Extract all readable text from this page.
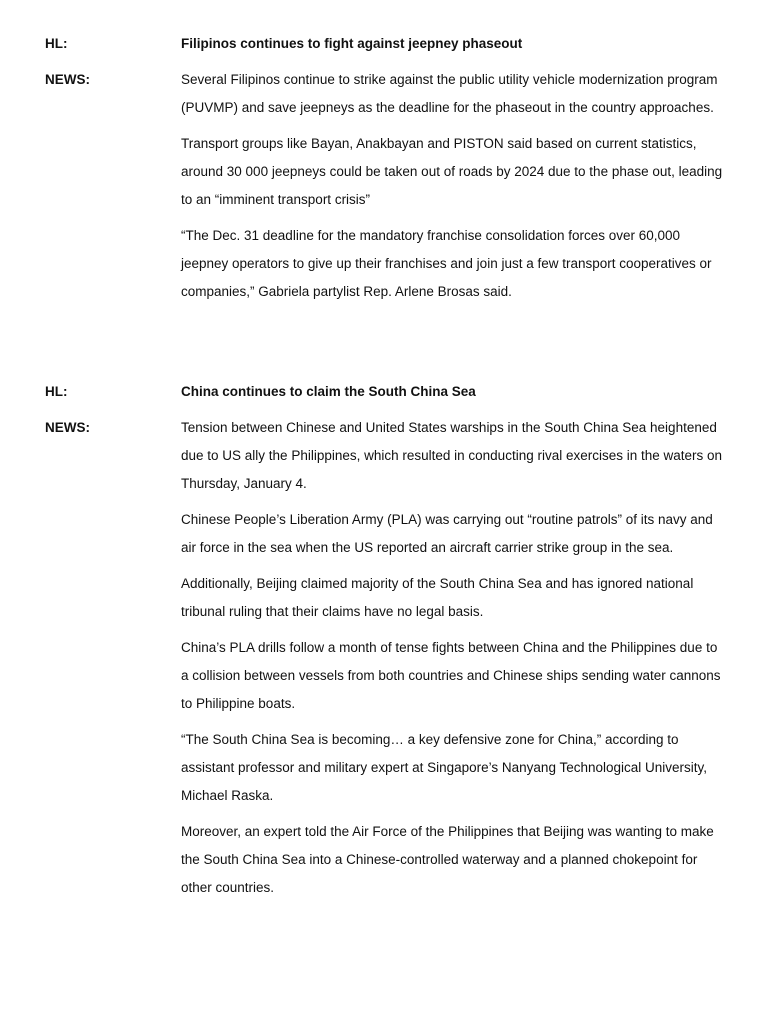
HL:	Filipinos continues to fight against jeepney phaseout
NEWS:	Several Filipinos continue to strike against the public utility vehicle modernization program (PUVMP) and save jeepneys as the deadline for the phaseout in the country approaches.

Transport groups like Bayan, Anakbayan and PISTON said based on current statistics, around 30 000 jeepneys could be taken out of roads by 2024 due to the phase out, leading to an “imminent transport crisis”

“The Dec. 31 deadline for the mandatory franchise consolidation forces over 60,000 jeepney operators to give up their franchises and join just a few transport cooperatives or companies,” Gabriela partylist Rep. Arlene Brosas said.

HL:	China continues to claim the South China Sea
NEWS:	Tension between Chinese and United States warships in the South China Sea heightened due to US ally the Philippines, which resulted in conducting rival exercises in the waters on Thursday, January 4.

Chinese People’s Liberation Army (PLA) was carrying out “routine patrols” of its navy and air force in the sea when the US reported an aircraft carrier strike group in the sea.

Additionally, Beijing claimed majority of the South China Sea and has ignored national tribunal ruling that their claims have no legal basis.

China’s PLA drills follow a month of tense fights between China and the Philippines due to a collision between vessels from both countries and Chinese ships sending water cannons to Philippine boats.

“The South China Sea is becoming… a key defensive zone for China,” according to assistant professor and military expert at Singapore’s Nanyang Technological University, Michael Raska.

Moreover, an expert told the Air Force of the Philippines that Beijing was wanting to make the South China Sea into a Chinese-controlled waterway and a planned chokepoint for other countries.
